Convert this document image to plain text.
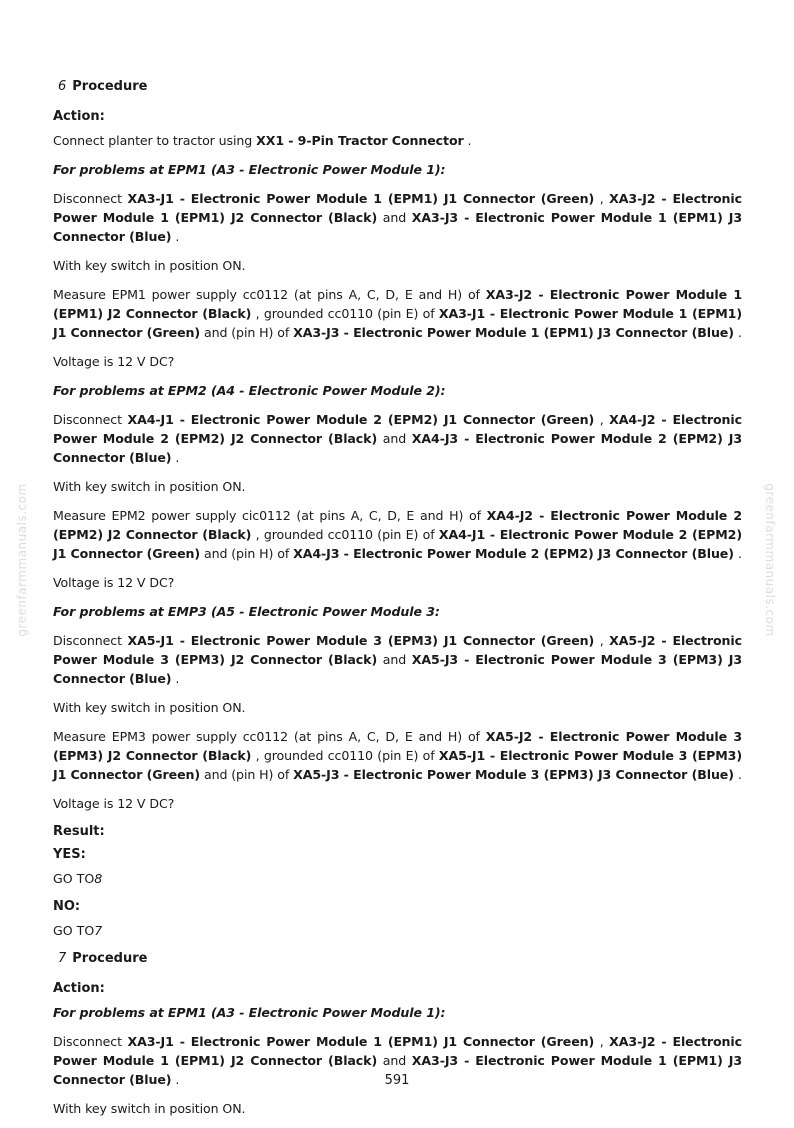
greenfarmmanuals.com	greenfarmmanuals.com
6 Procedure
Action:

Connect planter to tractor using XX1 - 9-Pin Tractor Connector .

For problems at EPM1 (A3 - Electronic Power Module 1):

Disconnect XA3-J1 - Electronic Power Module 1 (EPM1) J1 Connector (Green) , XA3-J2 - Electronic Power Module 1 (EPM1) J2 Connector (Black) and XA3-J3 - Electronic Power Module 1 (EPM1) J3 Connector (Blue) .

With key switch in position ON.

Measure EPM1 power supply cc0112 (at pins A, C, D, E and H) of XA3-J2 - Electronic Power Module 1 (EPM1) J2 Connector (Black) , grounded cc0110 (pin E) of XA3-J1 - Electronic Power Module 1 (EPM1) J1 Connector (Green) and (pin H) of XA3-J3 - Electronic Power Module 1 (EPM1) J3 Connector (Blue) .

Voltage is 12 V DC?

For problems at EPM2 (A4 - Electronic Power Module 2):

Disconnect XA4-J1 - Electronic Power Module 2 (EPM2) J1 Connector (Green) , XA4-J2 - Electronic Power Module 2 (EPM2) J2 Connector (Black) and XA4-J3 - Electronic Power Module 2 (EPM2) J3 Connector (Blue) .

With key switch in position ON.

Measure EPM2 power supply cic0112 (at pins A, C, D, E and H) of XA4-J2 - Electronic Power Module 2 (EPM2) J2 Connector (Black) , grounded cc0110 (pin E) of XA4-J1 - Electronic Power Module 2 (EPM2) J1 Connector (Green) and (pin H) of XA4-J3 - Electronic Power Module 2 (EPM2) J3 Connector (Blue) .

Voltage is 12 V DC?

For problems at EMP3 (A5 - Electronic Power Module 3:

Disconnect XA5-J1 - Electronic Power Module 3 (EPM3) J1 Connector (Green) , XA5-J2 - Electronic Power Module 3 (EPM3) J2 Connector (Black) and XA5-J3 - Electronic Power Module 3 (EPM3) J3 Connector (Blue) .

With key switch in position ON.

Measure EPM3 power supply cc0112 (at pins A, C, D, E and H) of XA5-J2 - Electronic Power Module 3 (EPM3) J2 Connector (Black) , grounded cc0110 (pin E) of XA5-J1 - Electronic Power Module 3 (EPM3) J1 Connector (Green) and (pin H) of XA5-J3 - Electronic Power Module 3 (EPM3) J3 Connector (Blue) .

Voltage is 12 V DC?

Result:
YES:
GO TO8
NO:
GO TO7
7 Procedure
Action:
For problems at EPM1 (A3 - Electronic Power Module 1):

Disconnect XA3-J1 - Electronic Power Module 1 (EPM1) J1 Connector (Green) , XA3-J2 - Electronic Power Module 1 (EPM1) J2 Connector (Black) and XA3-J3 - Electronic Power Module 1 (EPM1) J3 Connector (Blue) .

With key switch in position ON.

591
